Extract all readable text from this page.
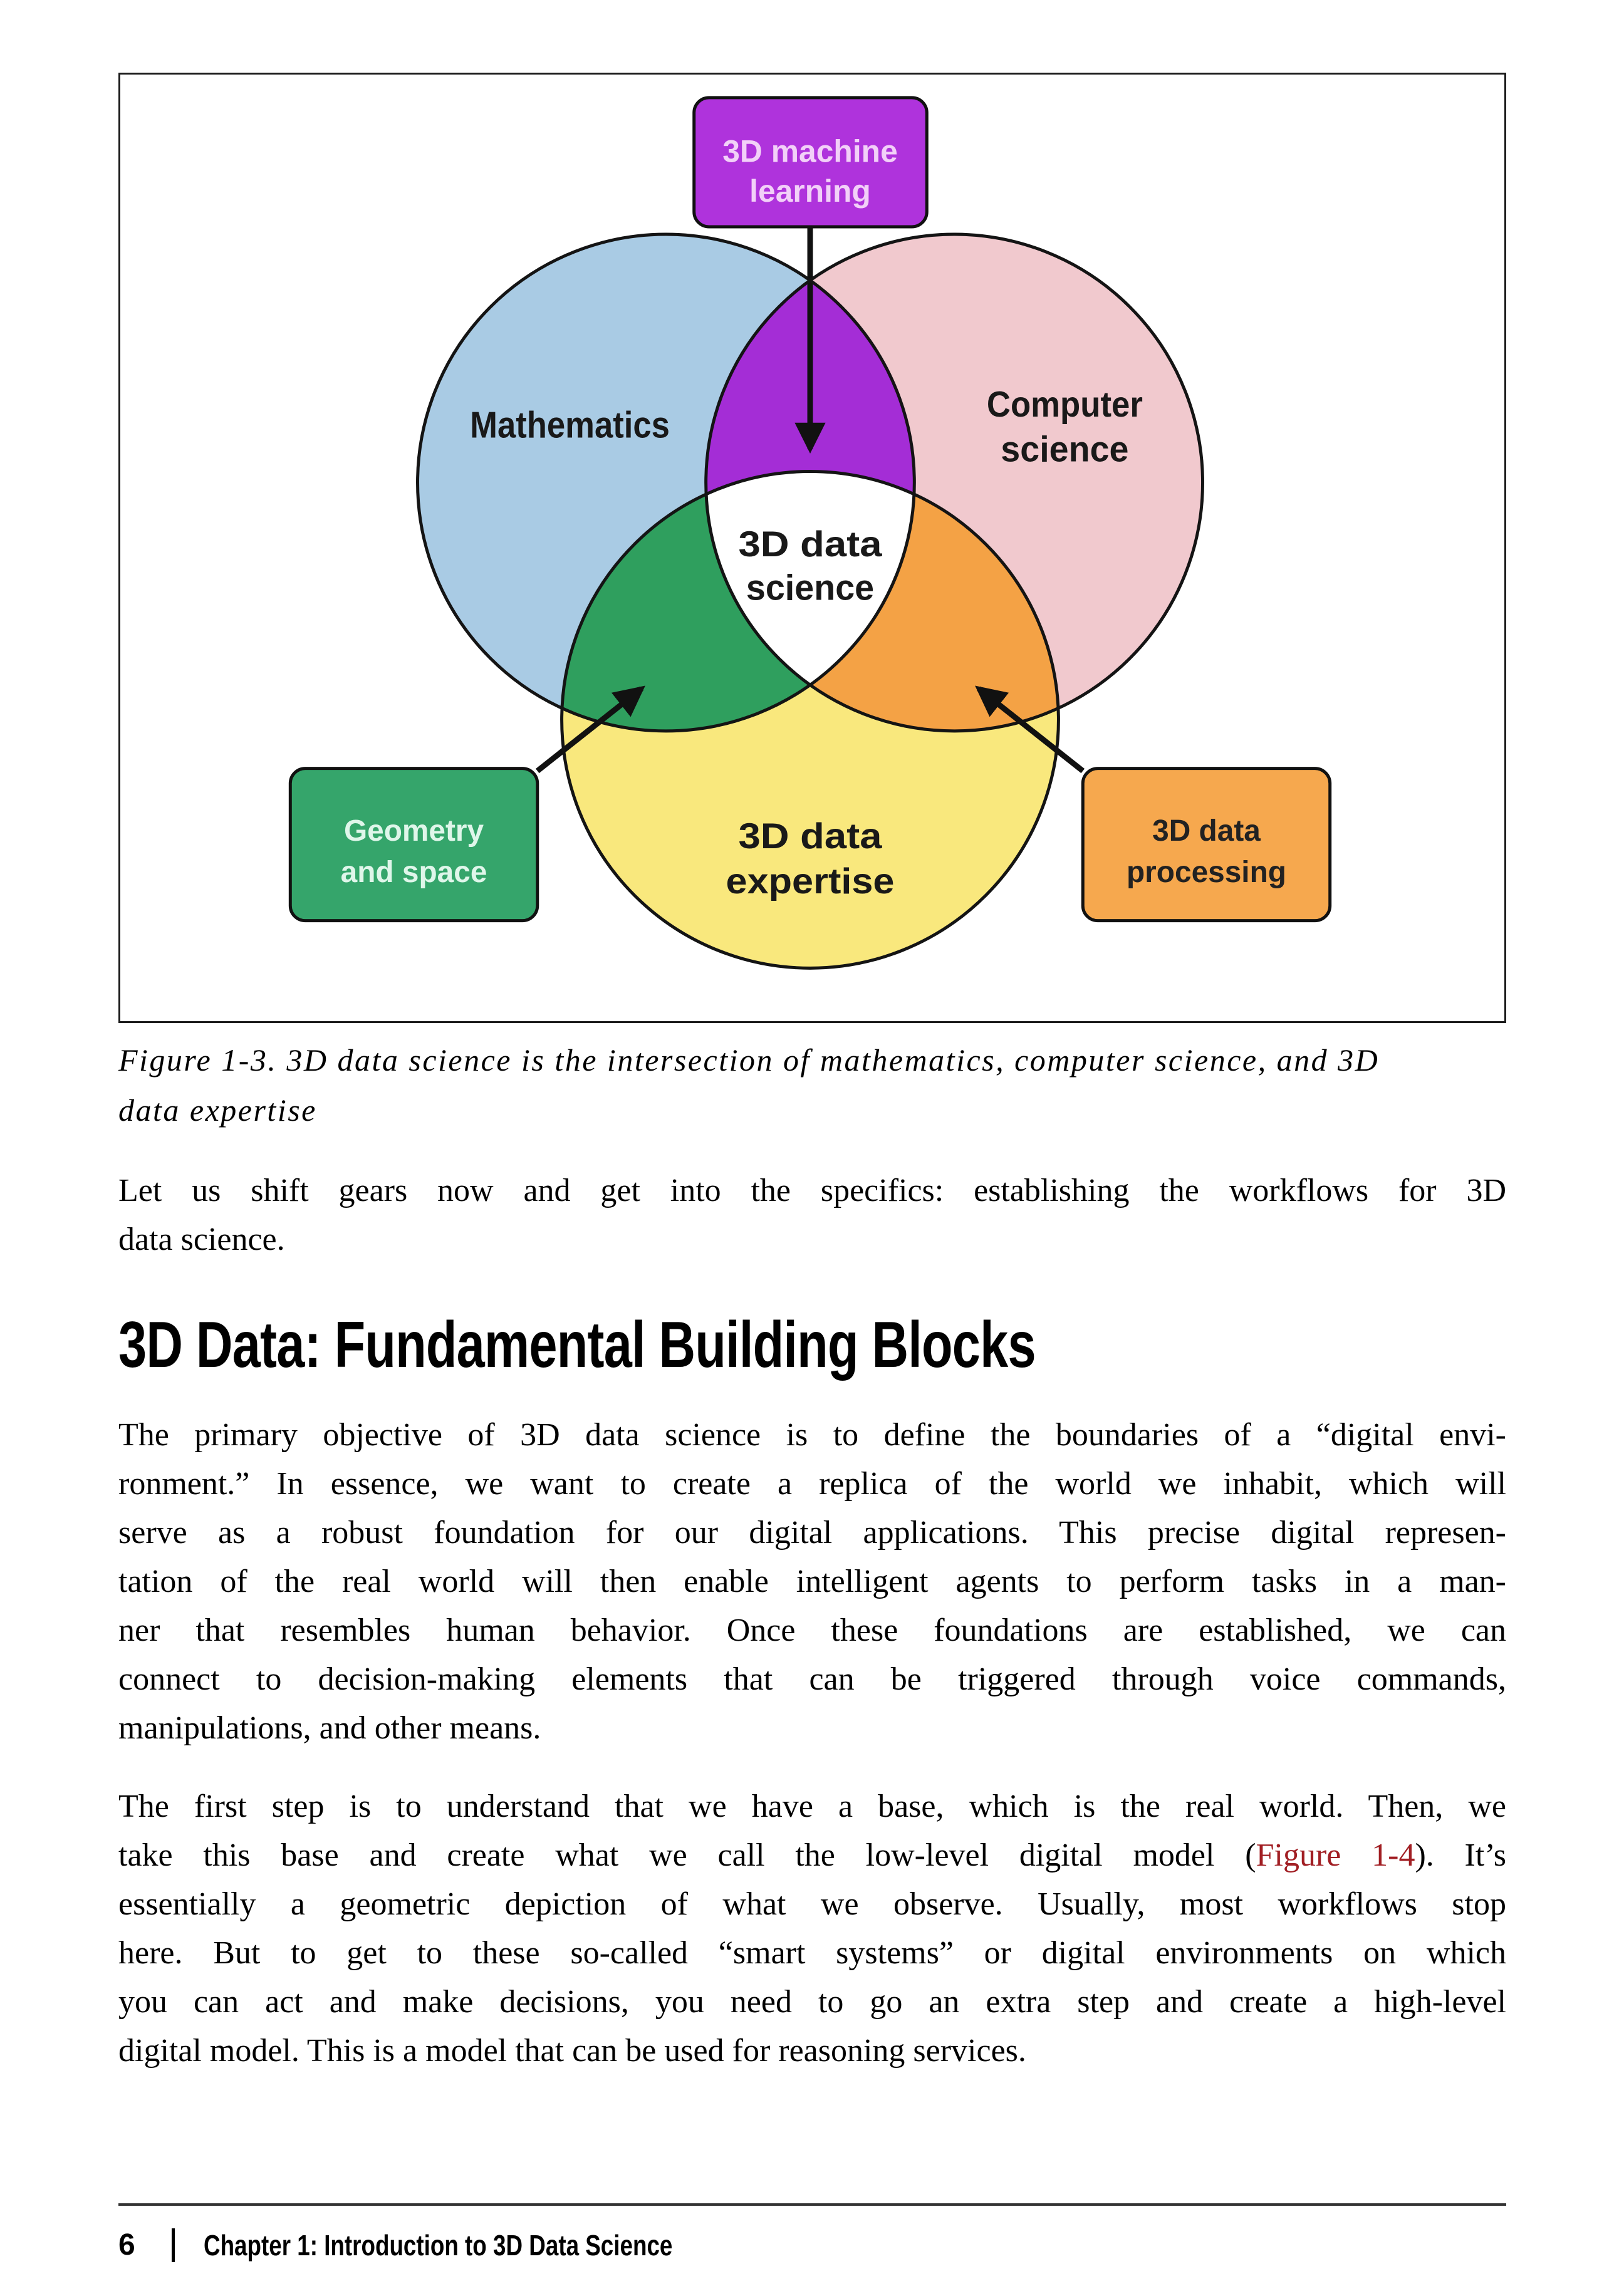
3D machine
learning
Geometry
and space
3D data
processing
Mathematics	Computer
science
3D data
science
3D data
expertise
Figure 1-3. 3D data science is the intersection of mathematics, computer science, and 3D
data expertise
Let us shift gears now and get into the specifics: establishing the workflows for 3D
data science.
3D Data: Fundamental Building Blocks
The primary objective of 3D data science is to define the boundaries of a “digital envi-
ronment.” In essence, we want to create a replica of the world we inhabit, which will
serve as a robust foundation for our digital applications. This precise digital represen-
tation of the real world will then enable intelligent agents to perform tasks in a man-
ner that resembles human behavior. Once these foundations are established, we can
connect to decision-making elements that can be triggered through voice commands,
manipulations, and other means.
The first step is to understand that we have a base, which is the real world. Then, we
take this base and create what we call the low-level digital model (Figure 1-4). It’s
essentially a geometric depiction of what we observe. Usually, most workflows stop
here. But to get to these so-called “smart systems” or digital environments on which
you can act and make decisions, you need to go an extra step and create a high-level
digital model. This is a model that can be used for reasoning services.
6 Chapter 1: Introduction to 3D Data Science
